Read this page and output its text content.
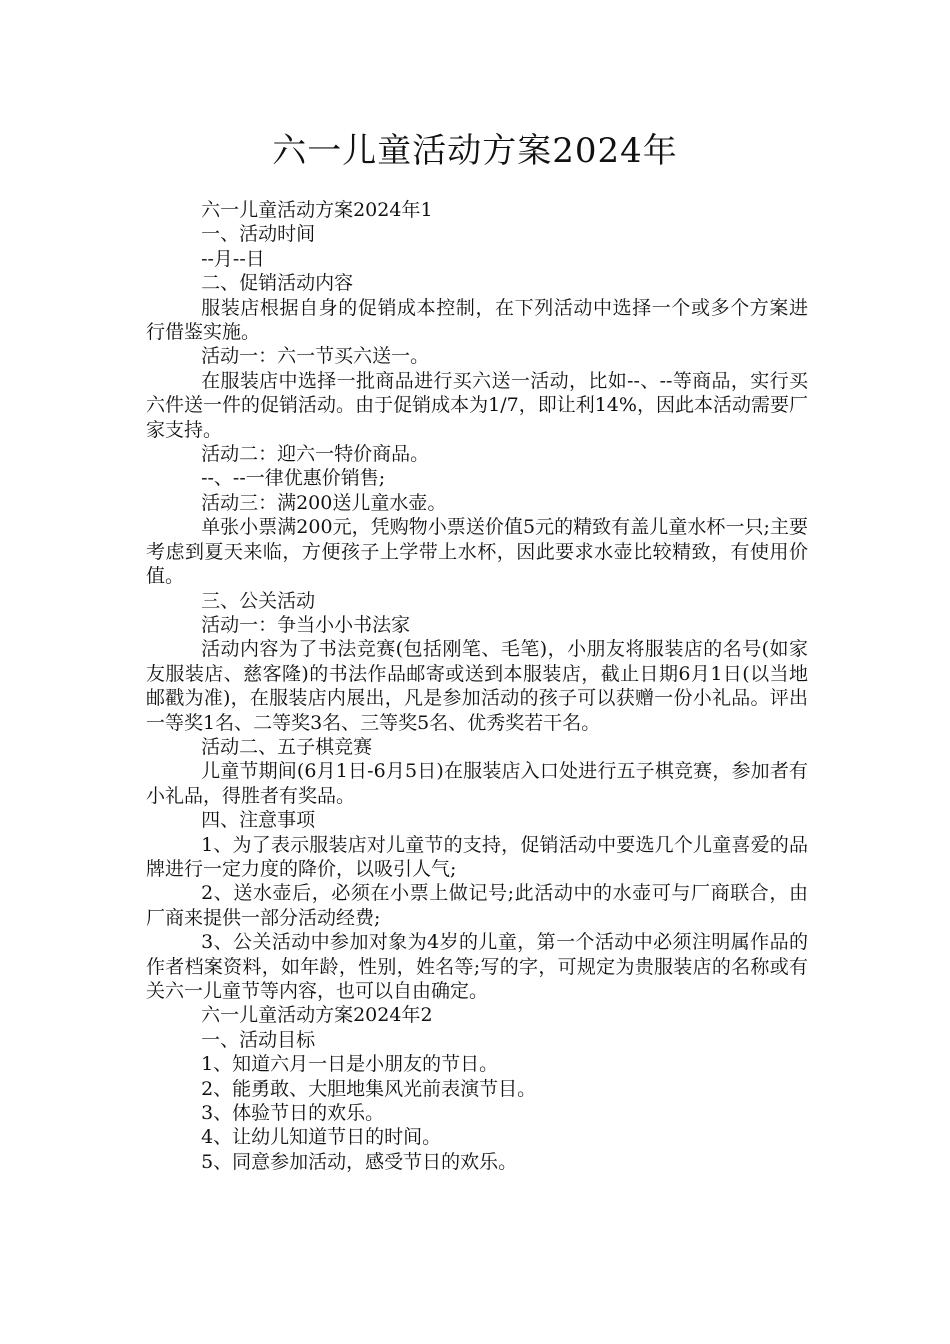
六一儿童活动方案2024年

六一儿童活动方案2024年1

一、活动时间

--月--日

二、促销活动内容

服装店根据自身的促销成本控制，在下列活动中选择一个或多个方案进行借鉴实施。

活动一：六一节买六送一。

在服装店中选择一批商品进行买六送一活动，比如--、--等商品，实行买六件送一件的促销活动。由于促销成本为1/7，即让利14%，因此本活动需要厂家支持。

活动二：迎六一特价商品。

--、--一律优惠价销售;

活动三：满200送儿童水壶。

单张小票满200元，凭购物小票送价值5元的精致有盖儿童水杯一只;主要考虑到夏天来临，方便孩子上学带上水杯，因此要求水壶比较精致，有使用价值。

三、公关活动

活动一：争当小小书法家

活动内容为了书法竞赛(包括刚笔、毛笔)，小朋友将服装店的名号(如家友服装店、慈客隆)的书法作品邮寄或送到本服装店，截止日期6月1日(以当地邮戳为准)，在服装店内展出，凡是参加活动的孩子可以获赠一份小礼品。评出一等奖1名、二等奖3名、三等奖5名、优秀奖若干名。

活动二、五子棋竞赛

儿童节期间(6月1日-6月5日)在服装店入口处进行五子棋竞赛，参加者有小礼品，得胜者有奖品。

四、注意事项

1、为了表示服装店对儿童节的支持，促销活动中要选几个儿童喜爱的品牌进行一定力度的降价，以吸引人气;

2、送水壶后，必须在小票上做记号;此活动中的水壶可与厂商联合，由厂商来提供一部分活动经费;

3、公关活动中参加对象为4岁的儿童，第一个活动中必须注明属作品的作者档案资料，如年龄，性别，姓名等;写的字，可规定为贵服装店的名称或有关六一儿童节等内容，也可以自由确定。

六一儿童活动方案2024年2

一、活动目标

1、知道六月一日是小朋友的节日。

2、能勇敢、大胆地集风光前表演节目。

3、体验节日的欢乐。

4、让幼儿知道节日的时间。

5、同意参加活动，感受节日的欢乐。
